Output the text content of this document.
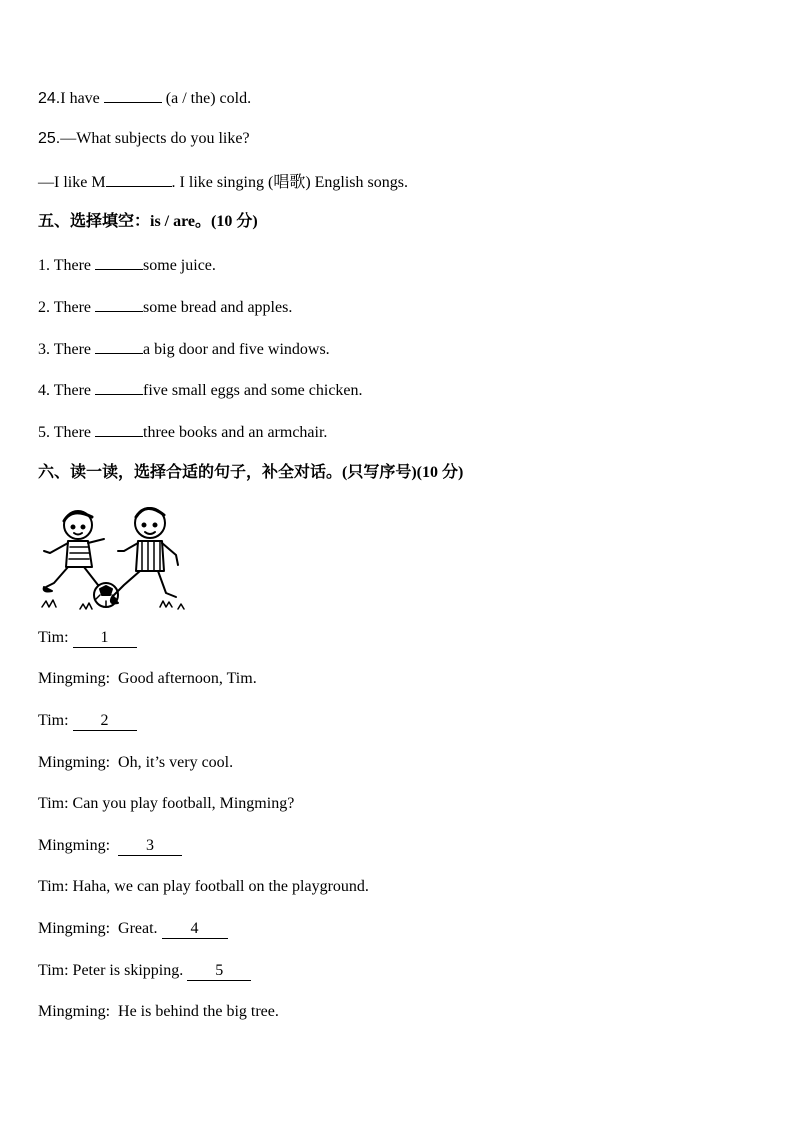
24.I have	(a / the) cold.
25.—What subjects do you like?
—I like M	. I like singing (唱歌) English songs.
五、选择填空：is / are。(10 分)
1. There	some juice.
2. There	some bread and apples.
3. There	a big door and five windows.
4. There	five small eggs and some chicken.
5. There	three books and an armchair.
六、读一读，选择合适的句子，补全对话。(只写序号)(10 分)
Tim: 1
Mingming: Good afternoon, Tim.
Tim: 2
Mingming: Oh, it’s very cool.
Tim: Can you play football, Mingming?
Mingming: 3
Tim: Haha, we can play football on the playground.
Mingming: Great. 4
Tim: Peter is skipping. 5
Mingming: He is behind the big tree.
